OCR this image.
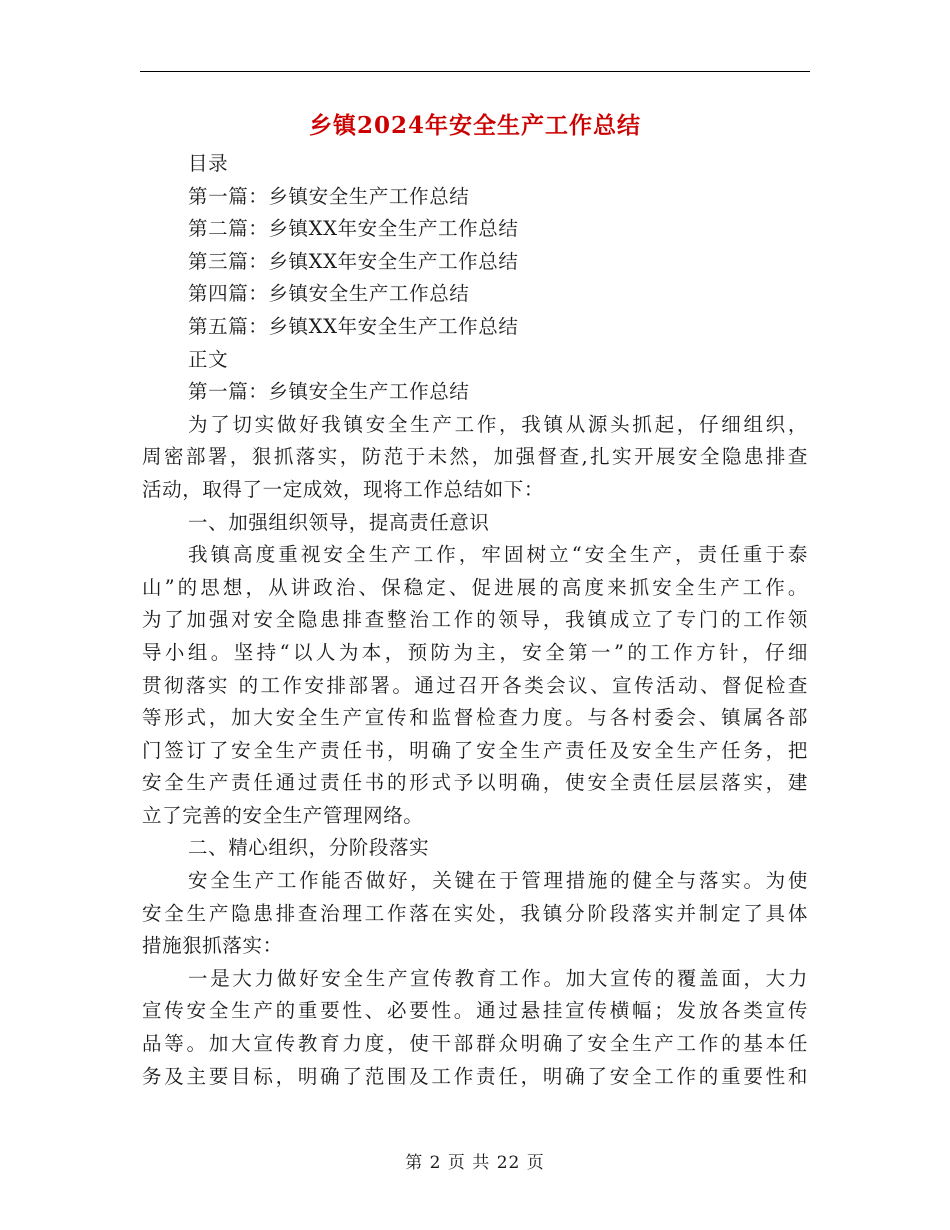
乡镇2024年安全生产工作总结
目录
第一篇：乡镇安全生产工作总结
第二篇：乡镇XX年安全生产工作总结
第三篇：乡镇XX年安全生产工作总结
第四篇：乡镇安全生产工作总结
第五篇：乡镇XX年安全生产工作总结
正文
第一篇：乡镇安全生产工作总结
为了切实做好我镇安全生产工作，我镇从源头抓起，仔细组织，
周密部署，狠抓落实，防范于未然，加强督查,扎实开展安全隐患排查
活动，取得了一定成效，现将工作总结如下：
一、加强组织领导，提高责任意识
我镇高度重视安全生产工作，牢固树立“安全生产，责任重于泰
山”的思想，从讲政治、保稳定、促进展的高度来抓安全生产工作。
为了加强对安全隐患排查整治工作的领导，我镇成立了专门的工作领
导小组。坚持“以人为本，预防为主，安全第一”的工作方针，仔细
贯彻落实 的工作安排部署。通过召开各类会议、宣传活动、督促检查
等形式，加大安全生产宣传和监督检查力度。与各村委会、镇属各部
门签订了安全生产责任书，明确了安全生产责任及安全生产任务，把
安全生产责任通过责任书的形式予以明确，使安全责任层层落实，建
立了完善的安全生产管理网络。
二、精心组织，分阶段落实
安全生产工作能否做好，关键在于管理措施的健全与落实。为使
安全生产隐患排查治理工作落在实处，我镇分阶段落实并制定了具体
措施狠抓落实：
一是大力做好安全生产宣传教育工作。加大宣传的覆盖面，大力
宣传安全生产的重要性、必要性。通过悬挂宣传横幅；发放各类宣传
品等。加大宣传教育力度，使干部群众明确了安全生产工作的基本任
务及主要目标，明确了范围及工作责任，明确了安全工作的重要性和
第 2 页 共 22 页
